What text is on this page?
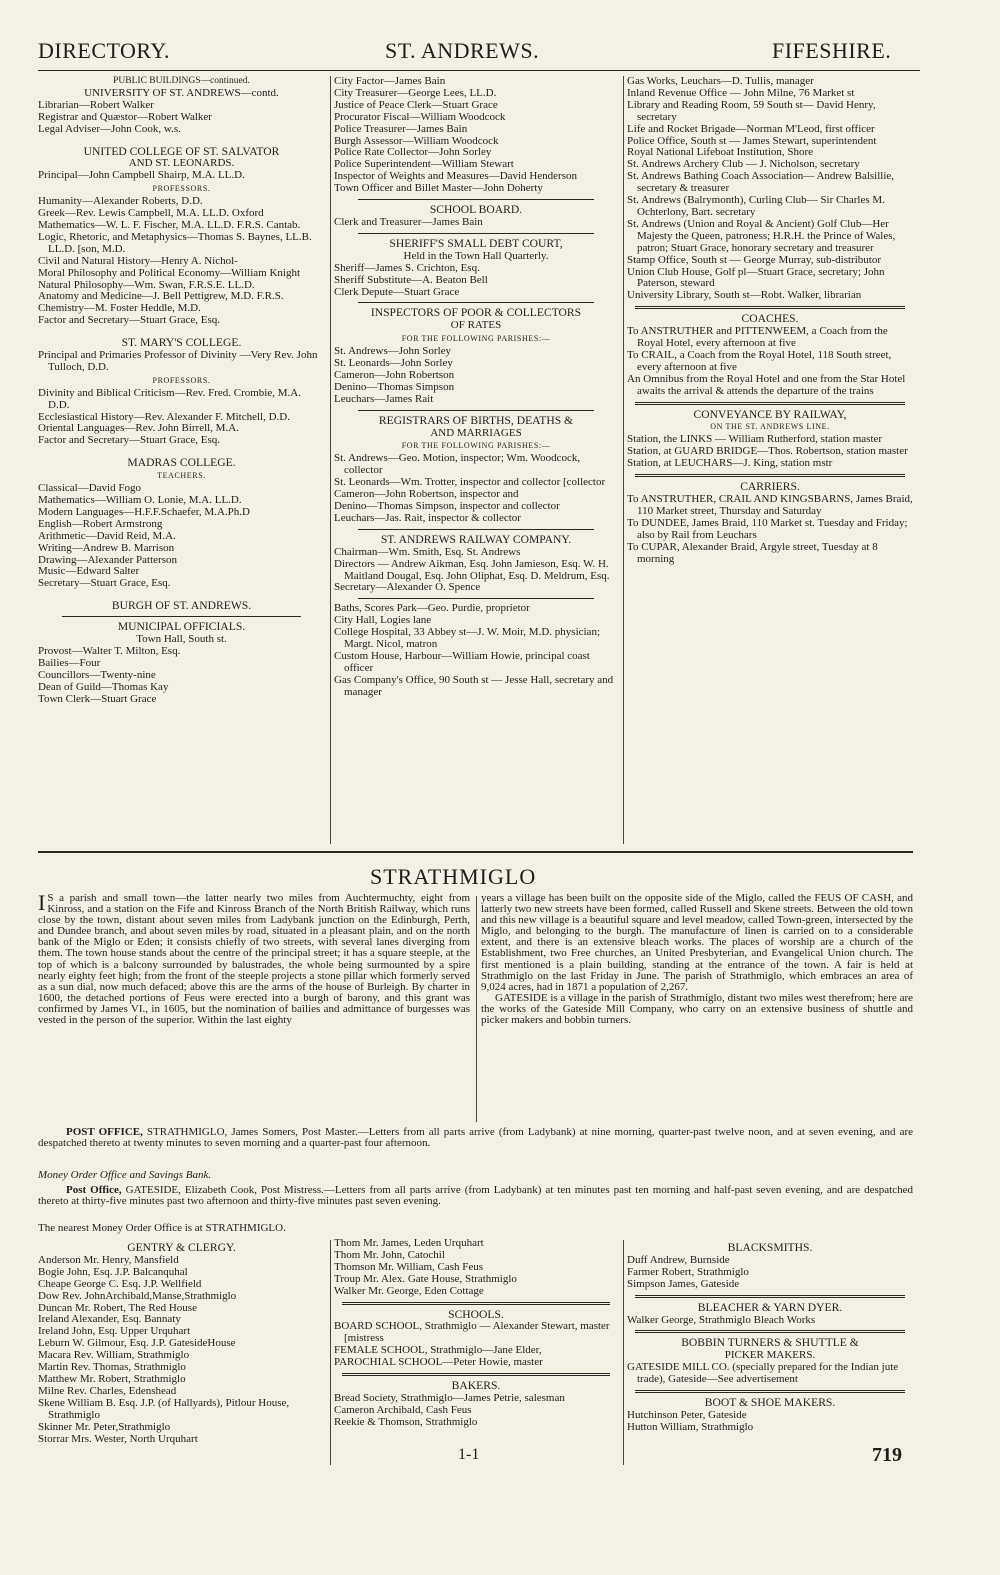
DIRECTORY.	ST. ANDREWS.	FIFESHIRE.

PUBLIC BUILDINGS—continued.

UNIVERSITY OF ST. ANDREWS—contd.

Librarian—Robert Walker

Registrar and Quæstor—Robert Walker

Legal Adviser—John Cook, w.s.

UNITED COLLEGE OF ST. SALVATOR

AND ST. LEONARDS.

Principal—John Campbell Shairp, M.A. LL.D.

PROFESSORS.

Humanity—Alexander Roberts, D.D.

Greek—Rev. Lewis Campbell, M.A. LL.D. Oxford

Mathematics—W. L. F. Fischer, M.A. LL.D. F.R.S. Cantab.

Logic, Rhetoric, and Metaphysics—Thomas S. Baynes, LL.B. LL.D. [son, M.D.

Civil and Natural History—Henry A. Nichol-

Moral Philosophy and Political Economy—William Knight

Natural Philosophy—Wm. Swan, F.R.S.E. LL.D.

Anatomy and Medicine—J. Bell Pettigrew, M.D. F.R.S.

Chemistry—M. Foster Heddle, M.D.

Factor and Secretary—Stuart Grace, Esq.

ST. MARY'S COLLEGE.

Principal and Primaries Professor of Divinity —Very Rev. John Tulloch, D.D.

PROFESSORS.

Divinity and Biblical Criticism—Rev. Fred. Crombie, M.A. D.D.

Ecclesiastical History—Rev. Alexander F. Mitchell, D.D.

Oriental Languages—Rev. John Birrell, M.A.

Factor and Secretary—Stuart Grace, Esq.

MADRAS COLLEGE.

TEACHERS.

Classical—David Fogo

Mathematics—William O. Lonie, M.A. LL.D.

Modern Languages—H.F.F.Schaefer, M.A.Ph.D

English—Robert Armstrong

Arithmetic—David Reid, M.A.

Writing—Andrew B. Marrison

Drawing—Alexander Patterson

Music—Edward Salter

Secretary—Stuart Grace, Esq.

BURGH OF ST. ANDREWS.

MUNICIPAL OFFICIALS.

Town Hall, South st.

Provost—Walter T. Milton, Esq.

Bailies—Four

Councillors—Twenty-nine

Dean of Guild—Thomas Kay

Town Clerk—Stuart Grace

City Factor—James Bain

City Treasurer—George Lees, LL.D.

Justice of Peace Clerk—Stuart Grace

Procurator Fiscal—William Woodcock

Police Treasurer—James Bain

Burgh Assessor—William Woodcock

Police Rate Collector—John Sorley

Police Superintendent—William Stewart

Inspector of Weights and Measures—David Henderson

Town Officer and Billet Master—John Doherty

SCHOOL BOARD.

Clerk and Treasurer—James Bain

SHERIFF'S SMALL DEBT COURT,

Held in the Town Hall Quarterly.

Sheriff—James S. Crichton, Esq.

Sheriff Substitute—A. Beaton Bell

Clerk Depute—Stuart Grace

INSPECTORS OF POOR & COLLECTORS

OF RATES

FOR THE FOLLOWING PARISHES:—

St. Andrews—John Sorley

St. Leonards—John Sorley

Cameron—John Robertson

Denino—Thomas Simpson

Leuchars—James Rait

REGISTRARS OF BIRTHS, DEATHS &

AND MARRIAGES

FOR THE FOLLOWING PARISHES:—

St. Andrews—Geo. Motion, inspector; Wm. Woodcock, collector

St. Leonards—Wm. Trotter, inspector and collector [collector

Cameron—John Robertson, inspector and

Denino—Thomas Simpson, inspector and collector

Leuchars—Jas. Rait, inspector & collector

ST. ANDREWS RAILWAY COMPANY.

Chairman—Wm. Smith, Esq. St. Andrews

Directors — Andrew Aikman, Esq. John Jamieson, Esq. W. H. Maitland Dougal, Esq. John Oliphat, Esq. D. Meldrum, Esq.

Secretary—Alexander O. Spence

Baths, Scores Park—Geo. Purdie, proprietor

City Hall, Logies lane

College Hospital, 33 Abbey st—J. W. Moir, M.D. physician; Margt. Nicol, matron

Custom House, Harbour—William Howie, principal coast officer

Gas Company's Office, 90 South st — Jesse Hall, secretary and manager

Gas Works, Leuchars—D. Tullis, manager

Inland Revenue Office — John Milne, 76 Market st

Library and Reading Room, 59 South st— David Henry, secretary

Life and Rocket Brigade—Norman M'Leod, first officer

Police Office, South st — James Stewart, superintendent

Royal National Lifeboat Institution, Shore

St. Andrews Archery Club — J. Nicholson, secretary

St. Andrews Bathing Coach Association— Andrew Balsillie, secretary & treasurer

St. Andrews (Balrymonth), Curling Club— Sir Charles M. Ochterlony, Bart. secretary

St. Andrews (Union and Royal & Ancient) Golf Club—Her Majesty the Queen, patroness; H.R.H. the Prince of Wales, patron; Stuart Grace, honorary secretary and treasurer

Stamp Office, South st — George Murray, sub-distributor

Union Club House, Golf pl—Stuart Grace, secretary; John Paterson, steward

University Library, South st—Robt. Walker, librarian

COACHES.

To ANSTRUTHER and PITTENWEEM, a Coach from the Royal Hotel, every afternoon at five

To CRAIL, a Coach from the Royal Hotel, 118 South street, every afternoon at five

An Omnibus from the Royal Hotel and one from the Star Hotel awaits the arrival & attends the departure of the trains

CONVEYANCE BY RAILWAY,

ON THE ST. ANDREWS LINE.

Station, the LINKS — William Rutherford, station master

Station, at GUARD BRIDGE—Thos. Robertson, station master

Station, at LEUCHARS—J. King, station mstr

CARRIERS.

To ANSTRUTHER, CRAIL AND KINGSBARNS, James Braid, 110 Market street, Thursday and Saturday

To DUNDEE, James Braid, 110 Market st. Tuesday and Friday; also by Rail from Leuchars

To CUPAR, Alexander Braid, Argyle street, Tuesday at 8 morning

STRATHMIGLO
I S a parish and small town—the latter nearly two miles from Auchtermuchty, eight from Kinross, and a station on the Fife and Kinross Branch of the North British Railway, which runs close by the town, distant about seven miles from Ladybank junction on the Edinburgh, Perth, and Dundee branch, and about seven miles by road, situated in a pleasant plain, and on the north bank of the Miglo or Eden; it consists chiefly of two streets, with several lanes diverging from them. The town house stands about the centre of the principal street; it has a square steeple, at the top of which is a balcony surrounded by balustrades, the whole being surmounted by a spire nearly eighty feet high; from the front of the steeple projects a stone pillar which formerly served as a sun dial, now much defaced; above this are the arms of the house of Burleigh. By charter in 1600, the detached portions of Feus were erected into a burgh of barony, and this grant was confirmed by James VI., in 1605, but the nomination of bailies and admittance of burgesses was vested in the person of the superior. Within the last eighty
years a village has been built on the opposite side of the Miglo, called the FEUS OF CASH, and latterly two new streets have been formed, called Russell and Skene streets. Between the old town and this new village is a beautiful square and level meadow, called Town-green, intersected by the Miglo, and belonging to the burgh. The manufacture of linen is carried on to a considerable extent, and there is an extensive bleach works. The places of worship are a church of the Establishment, two Free churches, an United Presbyterian, and Evangelical Union church. The first mentioned is a plain building, standing at the entrance of the town. A fair is held at Strathmiglo on the last Friday in June. The parish of Strathmiglo, which embraces an area of 9,024 acres, had in 1871 a population of 2,267.
GATESIDE is a village in the parish of Strathmiglo, distant two miles west therefrom; here are the works of the Gateside Mill Company, who carry on an extensive business of shuttle and picker makers and bobbin turners.
POST OFFICE, STRATHMIGLO, James Somers, Post Master.—Letters from all parts arrive (from Ladybank) at nine morning, quarter-past twelve noon, and at seven evening, and are despatched thereto at twenty minutes to seven morning and a quarter-past four afternoon.
Money Order Office and Savings Bank.
Post Office, GATESIDE, Elizabeth Cook, Post Mistress.—Letters from all parts arrive (from Ladybank) at ten minutes past ten morning and half-past seven evening, and are despatched thereto at thirty-five minutes past two afternoon and thirty-five minutes past seven evening.
The nearest Money Order Office is at STRATHMIGLO.

GENTRY & CLERGY.

Anderson Mr. Henry, Mansfield

Bogie John, Esq. J.P. Balcanquhal

Cheape George C. Esq. J.P. Wellfield

Dow Rev. JohnArchibald,Manse,Strathmiglo

Duncan Mr. Robert, The Red House

Ireland Alexander, Esq. Bannaty

Ireland John, Esq. Upper Urquhart

Leburn W. Gilmour, Esq. J.P. GatesideHouse

Macara Rev. William, Strathmiglo

Martin Rev. Thomas, Strathmiglo

Matthew Mr. Robert, Strathmiglo

Milne Rev. Charles, Edenshead

Skene William B. Esq. J.P. (of Hallyards), Pitlour House, Strathmiglo

Skinner Mr. Peter,Strathmiglo

Storrar Mrs. Wester, North Urquhart

Thom Mr. James, Leden Urquhart

Thom Mr. John, Catochil

Thomson Mr. William, Cash Feus

Troup Mr. Alex. Gate House, Strathmiglo

Walker Mr. George, Eden Cottage

SCHOOLS.

BOARD SCHOOL, Strathmiglo — Alexander Stewart, master [mistress

FEMALE SCHOOL, Strathmiglo—Jane Elder,

PAROCHIAL SCHOOL—Peter Howie, master

BAKERS.

Bread Society, Strathmiglo—James Petrie, salesman

Cameron Archibald, Cash Feus

Reekie & Thomson, Strathmiglo

BLACKSMITHS.

Duff Andrew, Burnside

Farmer Robert, Strathmiglo

Simpson James, Gateside

BLEACHER & YARN DYER.

Walker George, Strathmiglo Bleach Works

BOBBIN TURNERS & SHUTTLE &

PICKER MAKERS.

GATESIDE MILL CO. (specially prepared for the Indian jute trade), Gateside—See advertisement

BOOT & SHOE MAKERS.

Hutchinson Peter, Gateside

Hutton William, Strathmiglo

1-1	719
